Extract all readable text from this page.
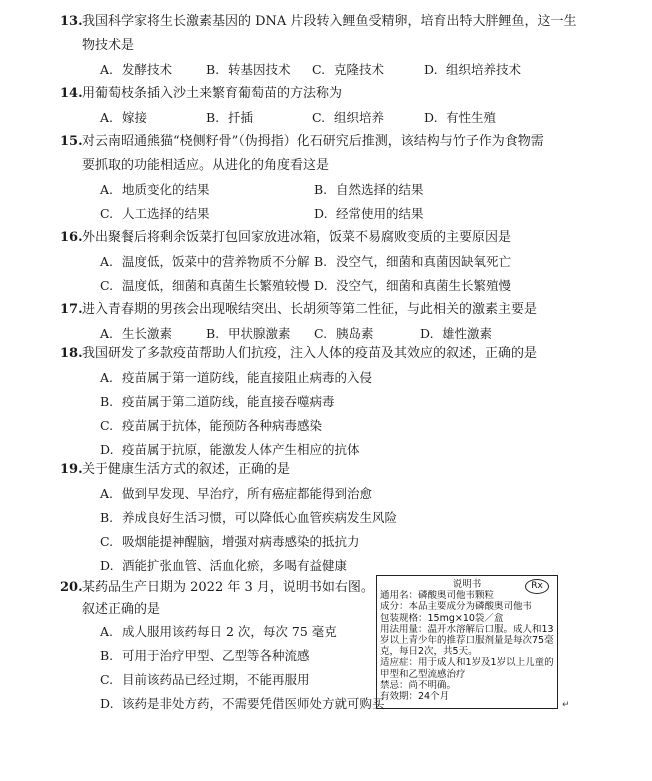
13.我国科学家将生长激素基因的 DNA 片段转入鲤鱼受精卵，培育出特大胖鲤鱼，这一生
物技术是
A. 发酵技术	B. 转基因技术 C. 克隆技术	D. 组织培养技术
14.用葡萄枝条插入沙土来繁育葡萄苗的方法称为
A. 嫁接	B. 扦插	C. 组织培养	D. 有性生殖
15.对云南昭通熊猫“桡侧籽骨”（伪拇指）化石研究后推测，该结构与竹子作为食物需
要抓取的功能相适应。从进化的角度看这是
A. 地质变化的结果	B. 自然选择的结果
C. 人工选择的结果	D. 经常使用的结果
16.外出聚餐后将剩余饭菜打包回家放进冰箱，饭菜不易腐败变质的主要原因是
A. 温度低，饭菜中的营养物质不分解 B. 没空气，细菌和真菌因缺氧死亡
C. 温度低，细菌和真菌生长繁殖较慢 D. 没空气，细菌和真菌生长繁殖慢
17.进入青春期的男孩会出现喉结突出、长胡须等第二性征，与此相关的激素主要是
A. 生长激素	B. 甲状腺激素 C. 胰岛素	D. 雄性激素
18.我国研发了多款疫苗帮助人们抗疫，注入人体的疫苗及其效应的叙述，正确的是
A. 疫苗属于第一道防线，能直接阻止病毒的入侵
B. 疫苗属于第二道防线，能直接吞噬病毒
C. 疫苗属于抗体，能预防各种病毒感染
D. 疫苗属于抗原，能激发人体产生相应的抗体
19.关于健康生活方式的叙述，正确的是
A. 做到早发现、早治疗，所有癌症都能得到治愈
B. 养成良好生活习惯，可以降低心血管疾病发生风险
C. 吸烟能提神醒脑，增强对病毒感染的抵抗力
D. 酒能扩张血管、活血化瘀，多喝有益健康
20.某药品生产日期为 2022 年 3 月，说明书如右图。
叙述正确的是
A. 成人服用该药每日 2 次，每次 75 毫克
B. 可用于治疗甲型、乙型等各种流感
C. 目前该药品已经过期，不能再服用
D. 该药是非处方药，不需要凭借医师处方就可购买
说明书	Rx
通用名：磷酸奥司他韦颗粒
成分：本品主要成分为磷酸奥司他韦
包装规格：15mg×10袋／盒
用法用量：温开水溶解后口服。成人和13岁以上青少年的推荐口服剂量是每次75毫克，每日2次，共5天。
适应症：用于成人和1岁及1岁以上儿童的甲型和乙型流感治疗
禁忌：尚不明确。
有效期：24个月
↵
